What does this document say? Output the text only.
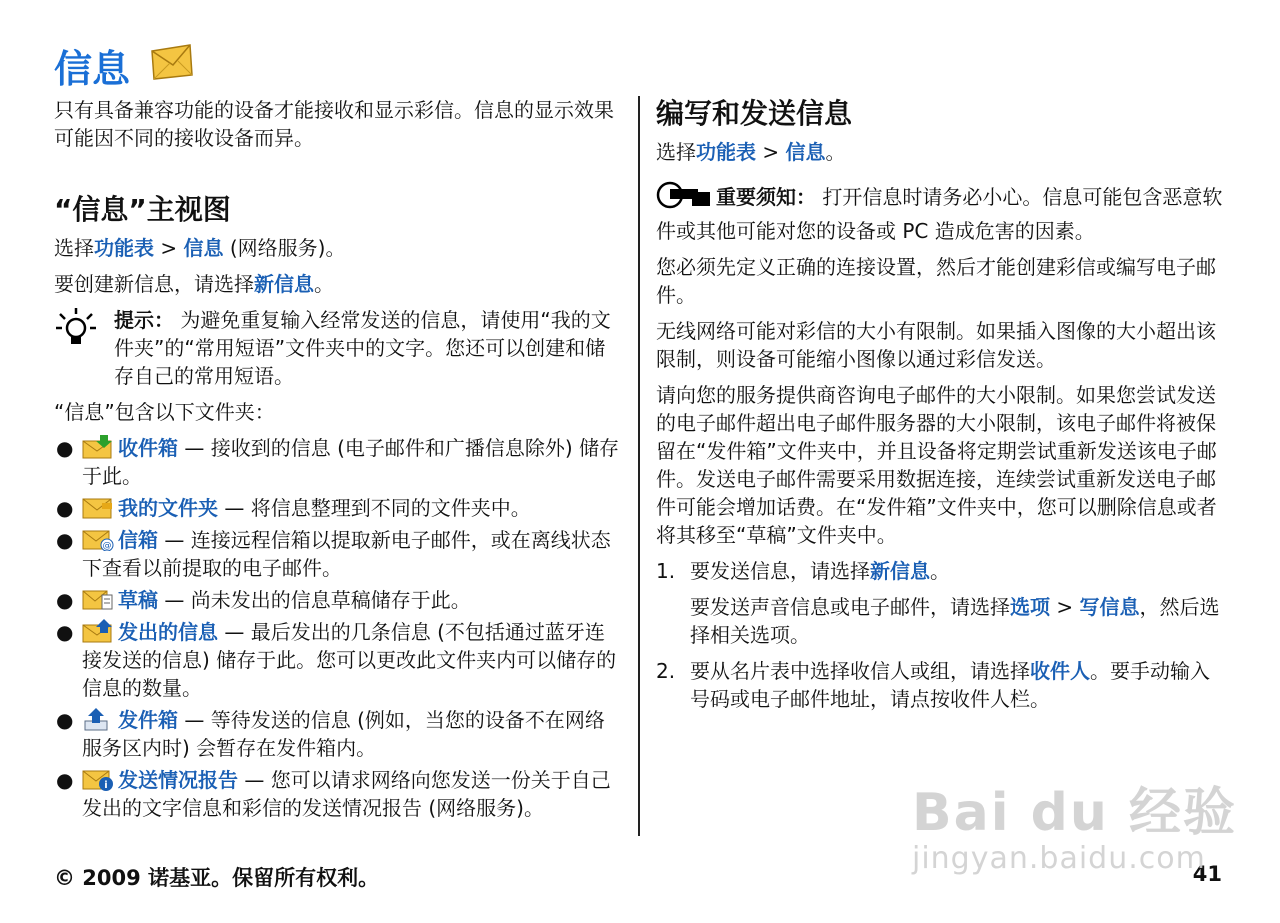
信息

只有具备兼容功能的设备才能接收和显示彩信。信息的显示效果可能因不同的接收设备而异。

“信息”主视图

选择功能表 > 信息 (网络服务)。

要创建新信息，请选择新信息。

提示： 为避免重复输入经常发送的信息，请使用“我的文件夹”的“常用短语”文件夹中的文字。您还可以创建和储存自己的常用短语。

“信息”包含以下文件夹：

● 收件箱 — 接收到的信息 (电子邮件和广播信息除外) 储存于此。
● 我的文件夹 — 将信息整理到不同的文件夹中。
●	@ 信箱 — 连接远程信箱以提取新电子邮件，或在离线状态下查看以前提取的电子邮件。
● 草稿 — 尚未发出的信息草稿储存于此。
● 发出的信息 — 最后发出的几条信息 (不包括通过蓝牙连接发送的信息) 储存于此。您可以更改此文件夹内可以储存的信息的数量。
● 发件箱 — 等待发送的信息 (例如，当您的设备不在网络服务区内时) 会暂存在发件箱内。
●	i 发送情况报告 — 您可以请求网络向您发送一份关于自己发出的文字信息和彩信的发送情况报告 (网络服务)。
编写和发送信息

选择功能表 > 信息。

重要须知： 打开信息时请务必小心。信息可能包含恶意软件或其他可能对您的设备或 PC 造成危害的因素。

您必须先定义正确的连接设置，然后才能创建彩信或编写电子邮件。

无线网络可能对彩信的大小有限制。如果插入图像的大小超出该限制，则设备可能缩小图像以通过彩信发送。

请向您的服务提供商咨询电子邮件的大小限制。如果您尝试发送的电子邮件超出电子邮件服务器的大小限制，该电子邮件将被保留在“发件箱”文件夹中，并且设备将定期尝试重新发送该电子邮件。发送电子邮件需要采用数据连接，连续尝试重新发送电子邮件可能会增加话费。在“发件箱”文件夹中，您可以删除信息或者将其移至“草稿”文件夹中。

1. 要发送信息，请选择新信息。
要发送声音信息或电子邮件，请选择选项 > 写信息，然后选择相关选项。
2. 要从名片表中选择收信人或组，请选择收件人。要手动输入号码或电子邮件地址，请点按收件人栏。
© 2009 诺基亚。保留所有权利。	41
Bai du 经验
jingyan.baidu.com
